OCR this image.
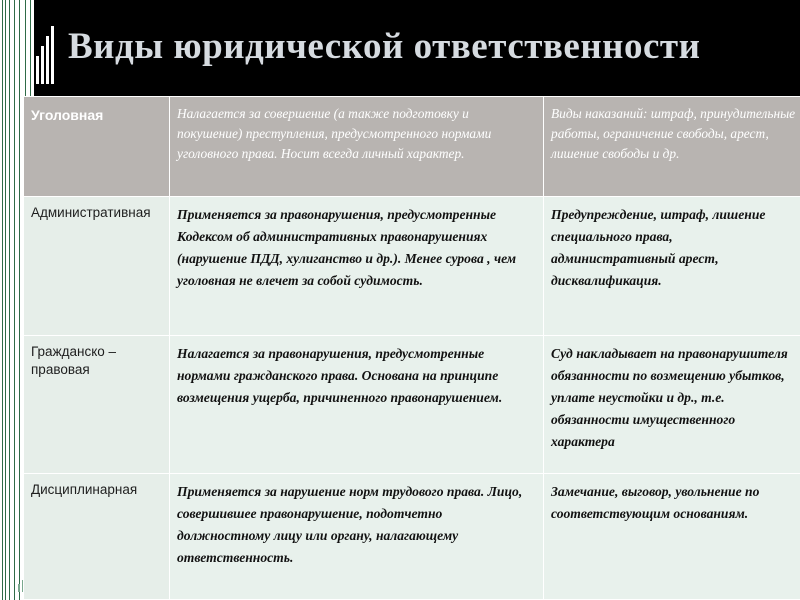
Виды юридической ответственности
Уголовная	Налагается за совершение (а также подготовку и покушение) преступления, предусмотренного нормами уголовного права. Носит всегда личный характер.	Виды наказаний: штраф, принудительные работы, ограничение свободы, арест, лишение свободы и др.
Административная	Применяется за правонарушения, предусмотренные Кодексом об административных правонарушениях (нарушение ПДД, хулиганство и др.). Менее сурова , чем уголовная не влечет за собой судимость.	Предупреждение, штраф, лишение специального права, административный арест, дисквалификация.
Гражданско – правовая	Налагается за правонарушения, предусмотренные нормами гражданского права. Основана на принципе возмещения ущерба, причиненного правонарушением.	Суд накладывает на правонарушителя обязанности по возмещению убытков, уплате неустойки и др., т.е. обязанности имущественного характера
Дисциплинарная	Применяется за нарушение норм трудового права. Лицо, совершившее правонарушение, подотчетно должностному лицу или органу, налагающему ответственность.	Замечание, выговор, увольнение по соответствующим основаниям.
